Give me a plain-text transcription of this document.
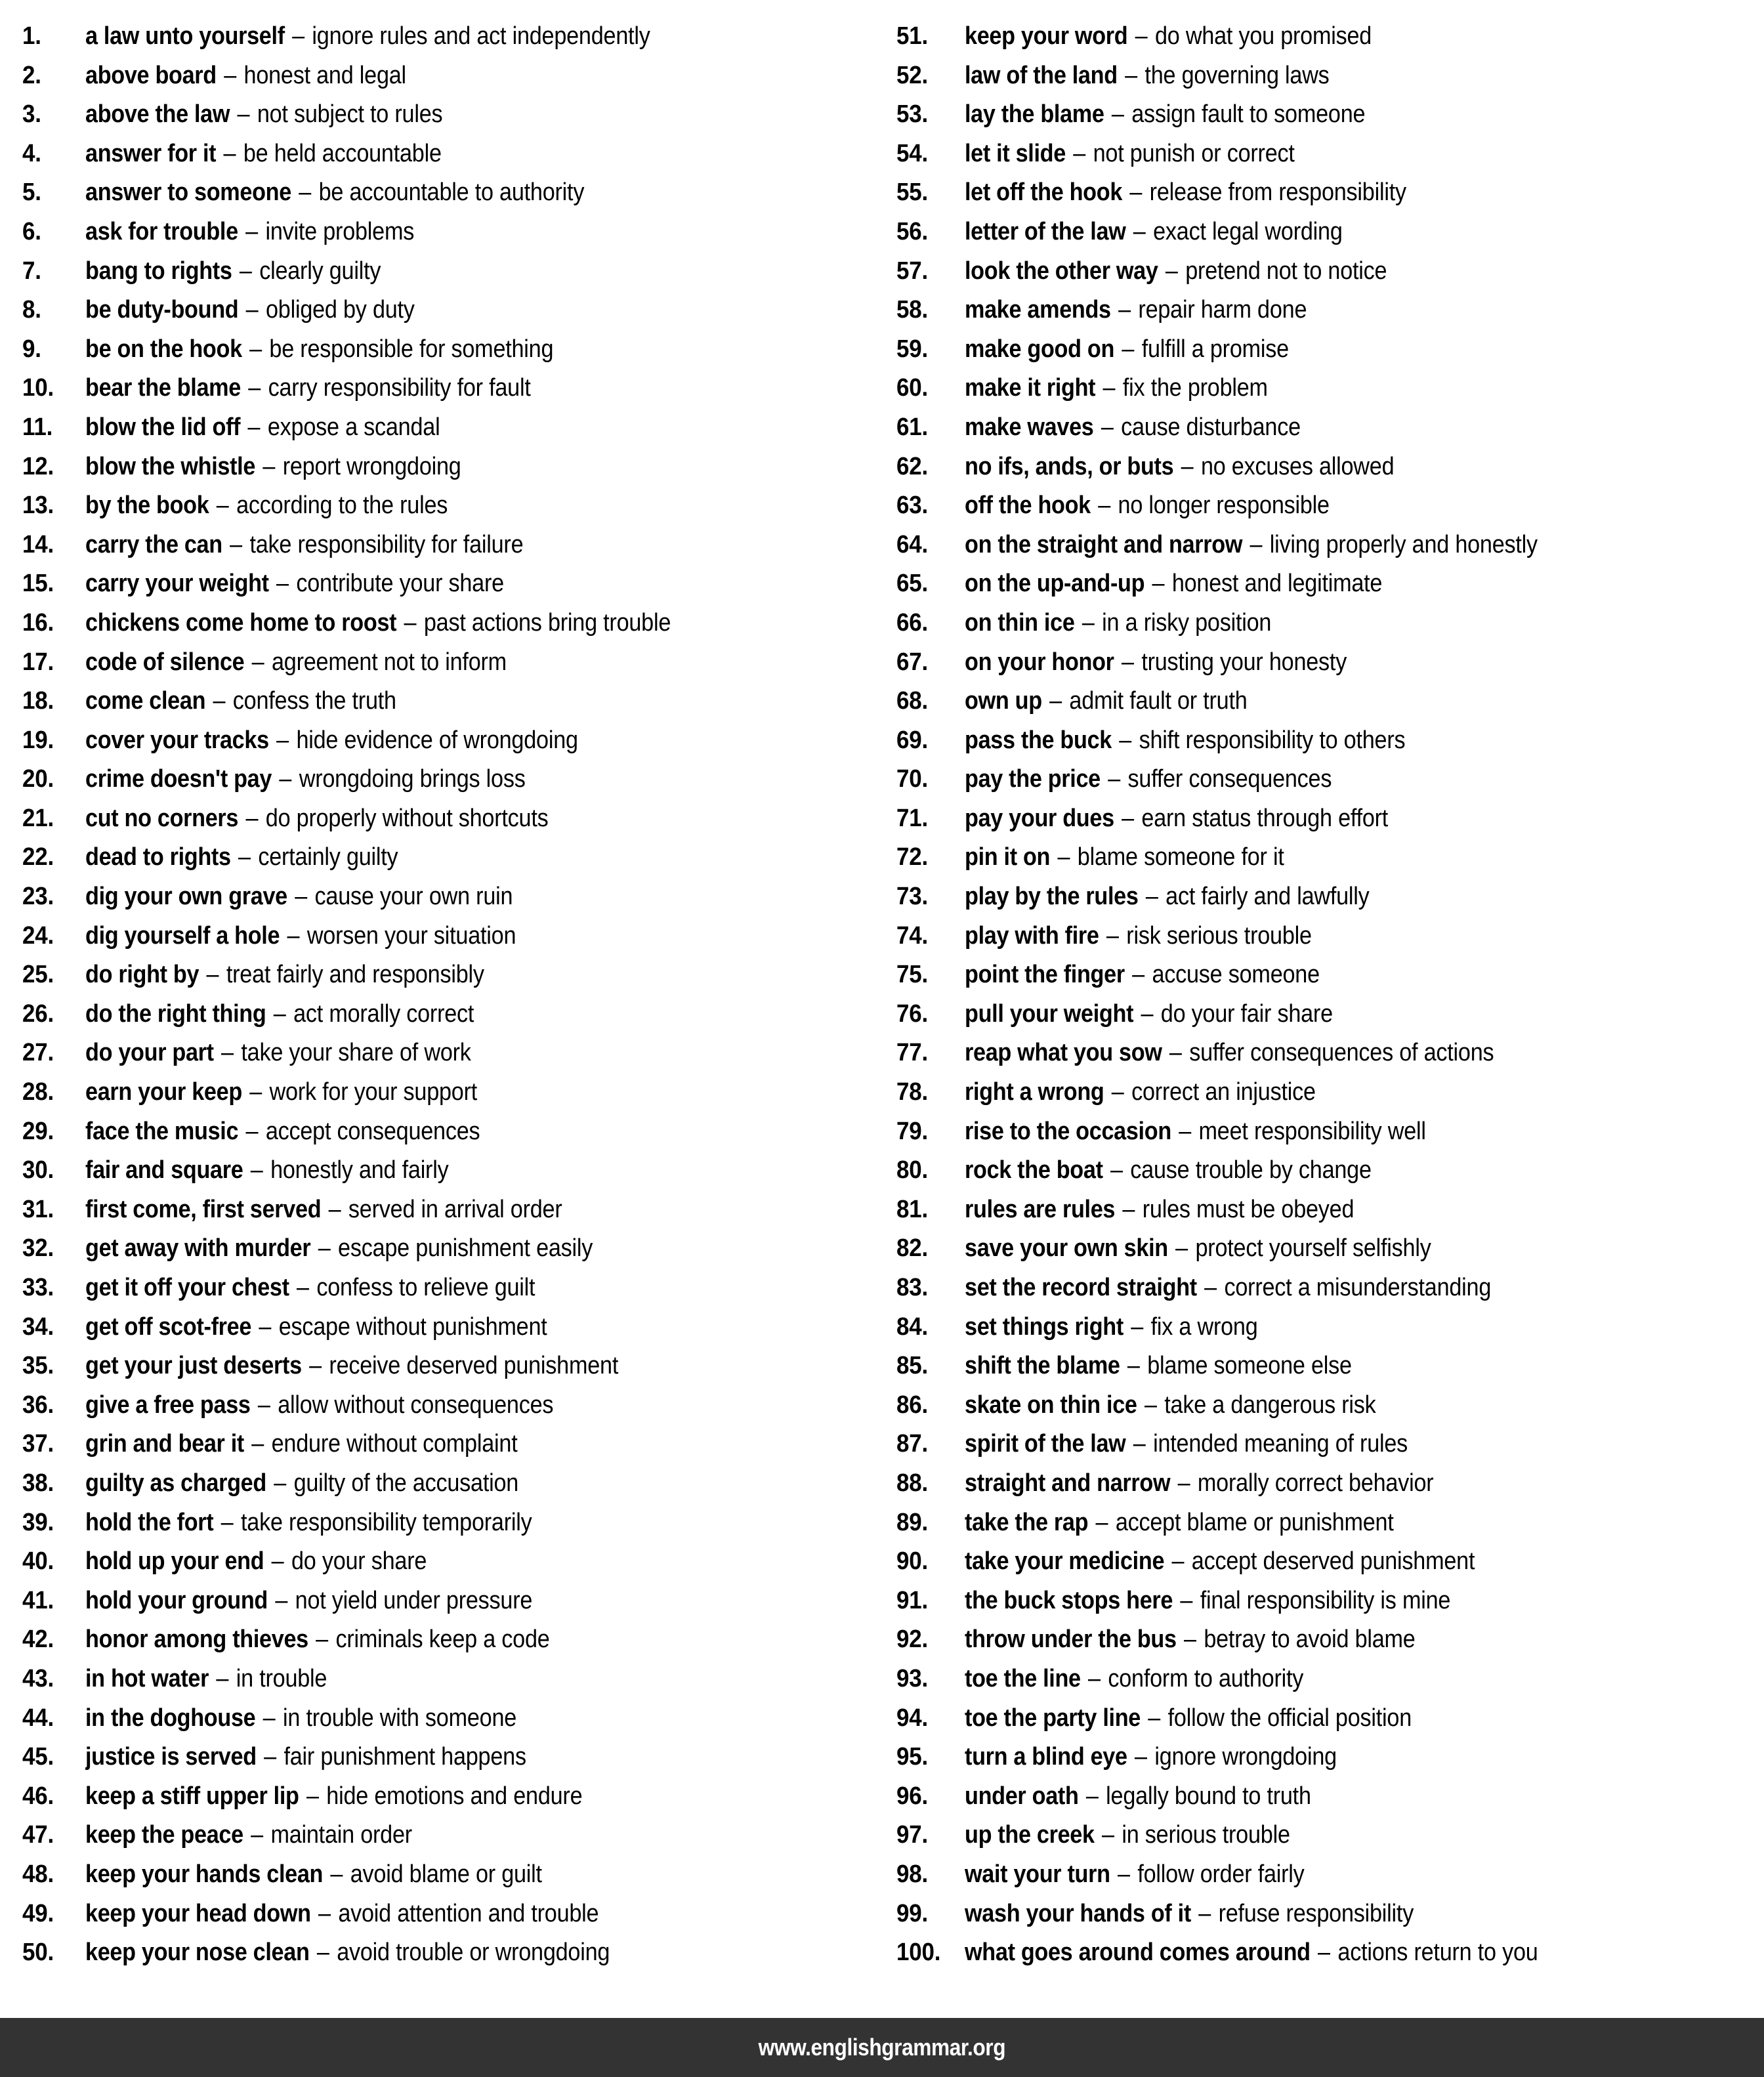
1.	a law unto yourself – ignore rules and act independently
2.	above board – honest and legal
3.	above the law – not subject to rules
4.	answer for it – be held accountable
5.	answer to someone – be accountable to authority
6.	ask for trouble – invite problems
7.	bang to rights – clearly guilty
8.	be duty-bound – obliged by duty
9.	be on the hook – be responsible for something
10.	bear the blame – carry responsibility for fault
11.	blow the lid off – expose a scandal
12.	blow the whistle – report wrongdoing
13.	by the book – according to the rules
14.	carry the can – take responsibility for failure
15.	carry your weight – contribute your share
16.	chickens come home to roost – past actions bring trouble
17.	code of silence – agreement not to inform
18.	come clean – confess the truth
19.	cover your tracks – hide evidence of wrongdoing
20.	crime doesn't pay – wrongdoing brings loss
21.	cut no corners – do properly without shortcuts
22.	dead to rights – certainly guilty
23.	dig your own grave – cause your own ruin
24.	dig yourself a hole – worsen your situation
25.	do right by – treat fairly and responsibly
26.	do the right thing – act morally correct
27.	do your part – take your share of work
28.	earn your keep – work for your support
29.	face the music – accept consequences
30.	fair and square – honestly and fairly
31.	first come, first served – served in arrival order
32.	get away with murder – escape punishment easily
33.	get it off your chest – confess to relieve guilt
34.	get off scot-free – escape without punishment
35.	get your just deserts – receive deserved punishment
36.	give a free pass – allow without consequences
37.	grin and bear it – endure without complaint
38.	guilty as charged – guilty of the accusation
39.	hold the fort – take responsibility temporarily
40.	hold up your end – do your share
41.	hold your ground – not yield under pressure
42.	honor among thieves – criminals keep a code
43.	in hot water – in trouble
44.	in the doghouse – in trouble with someone
45.	justice is served – fair punishment happens
46.	keep a stiff upper lip – hide emotions and endure
47.	keep the peace – maintain order
48.	keep your hands clean – avoid blame or guilt
49.	keep your head down – avoid attention and trouble
50.	keep your nose clean – avoid trouble or wrongdoing
51.	keep your word – do what you promised
52.	law of the land – the governing laws
53.	lay the blame – assign fault to someone
54.	let it slide – not punish or correct
55.	let off the hook – release from responsibility
56.	letter of the law – exact legal wording
57.	look the other way – pretend not to notice
58.	make amends – repair harm done
59.	make good on – fulfill a promise
60.	make it right – fix the problem
61.	make waves – cause disturbance
62.	no ifs, ands, or buts – no excuses allowed
63.	off the hook – no longer responsible
64.	on the straight and narrow – living properly and honestly
65.	on the up-and-up – honest and legitimate
66.	on thin ice – in a risky position
67.	on your honor – trusting your honesty
68.	own up – admit fault or truth
69.	pass the buck – shift responsibility to others
70.	pay the price – suffer consequences
71.	pay your dues – earn status through effort
72.	pin it on – blame someone for it
73.	play by the rules – act fairly and lawfully
74.	play with fire – risk serious trouble
75.	point the finger – accuse someone
76.	pull your weight – do your fair share
77.	reap what you sow – suffer consequences of actions
78.	right a wrong – correct an injustice
79.	rise to the occasion – meet responsibility well
80.	rock the boat – cause trouble by change
81.	rules are rules – rules must be obeyed
82.	save your own skin – protect yourself selfishly
83.	set the record straight – correct a misunderstanding
84.	set things right – fix a wrong
85.	shift the blame – blame someone else
86.	skate on thin ice – take a dangerous risk
87.	spirit of the law – intended meaning of rules
88.	straight and narrow – morally correct behavior
89.	take the rap – accept blame or punishment
90.	take your medicine – accept deserved punishment
91.	the buck stops here – final responsibility is mine
92.	throw under the bus – betray to avoid blame
93.	toe the line – conform to authority
94.	toe the party line – follow the official position
95.	turn a blind eye – ignore wrongdoing
96.	under oath – legally bound to truth
97.	up the creek – in serious trouble
98.	wait your turn – follow order fairly
99.	wash your hands of it – refuse responsibility
100. what goes around comes around – actions return to you
www.englishgrammar.org
